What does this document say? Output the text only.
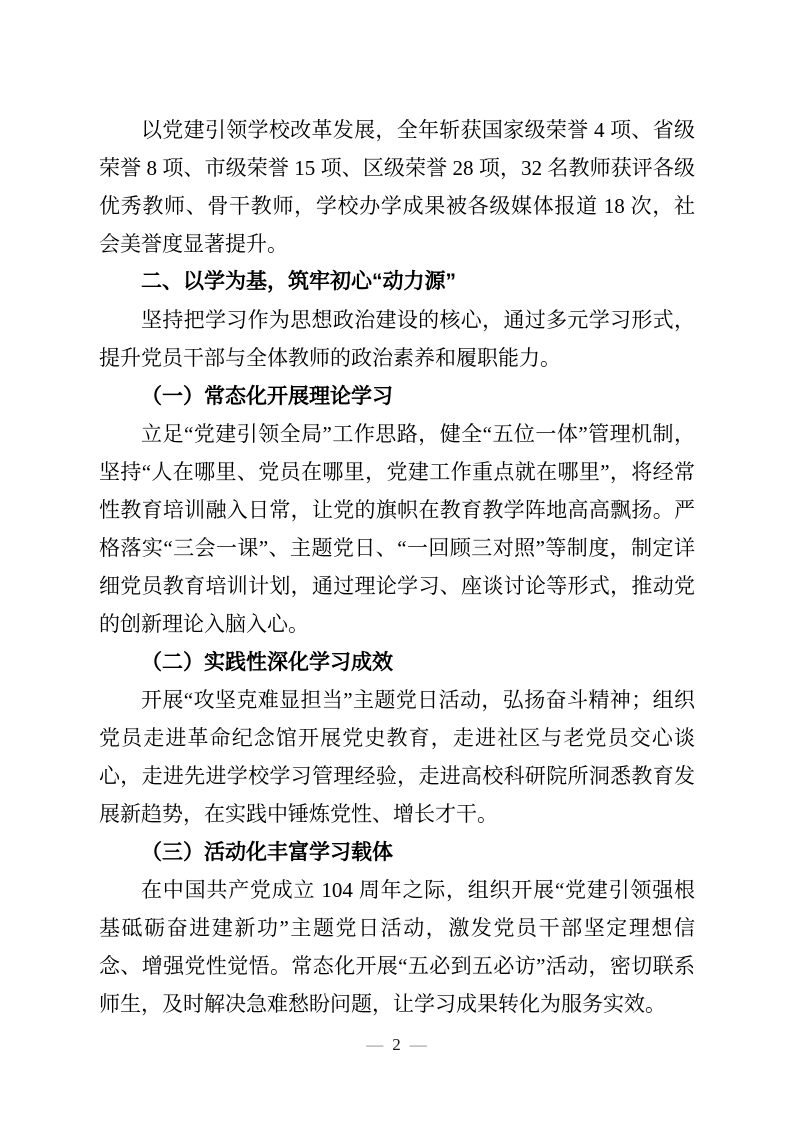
以党建引领学校改革发展，全年斩获国家级荣誉 4 项、省级荣誉 8 项、市级荣誉 15 项、区级荣誉 28 项，32 名教师获评各级优秀教师、骨干教师，学校办学成果被各级媒体报道 18 次，社会美誉度显著提升。

二、以学为基，筑牢初心“动力源”

坚持把学习作为思想政治建设的核心，通过多元学习形式，提升党员干部与全体教师的政治素养和履职能力。

（一）常态化开展理论学习

立足“党建引领全局”工作思路，健全“五位一体”管理机制，坚持“人在哪里、党员在哪里，党建工作重点就在哪里”，将经常性教育培训融入日常，让党的旗帜在教育教学阵地高高飘扬。严格落实“三会一课”、主题党日、“一回顾三对照”等制度，制定详细党员教育培训计划，通过理论学习、座谈讨论等形式，推动党的创新理论入脑入心。

（二）实践性深化学习成效

开展“攻坚克难显担当”主题党日活动，弘扬奋斗精神；组织党员走进革命纪念馆开展党史教育，走进社区与老党员交心谈心，走进先进学校学习管理经验，走进高校科研院所洞悉教育发展新趋势，在实践中锤炼党性、增长才干。

（三）活动化丰富学习载体

在中国共产党成立 104 周年之际，组织开展“党建引领强根基砥砺奋进建新功”主题党日活动，激发党员干部坚定理想信念、增强党性觉悟。常态化开展“五必到五必访”活动，密切联系师生，及时解决急难愁盼问题，让学习成果转化为服务实效。

— 2 —
